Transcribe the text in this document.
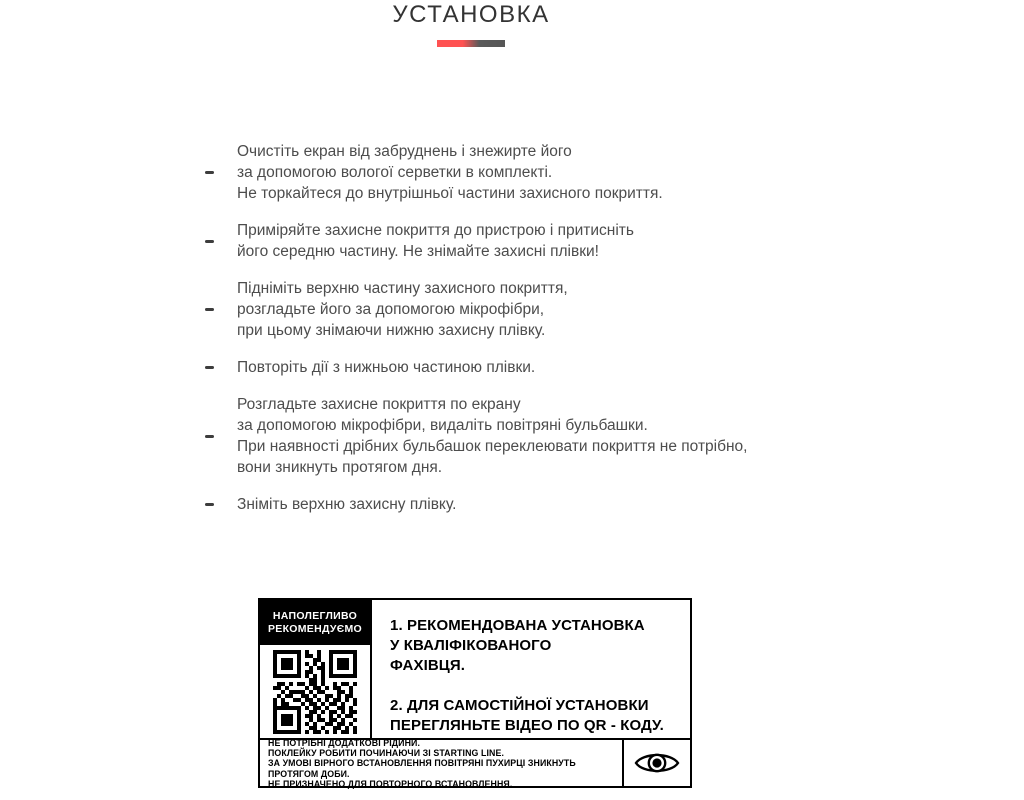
УСТАНОВКА
Очистіть екран від забруднень і знежирте його
за допомогою вологої серветки в комплекті.
Не торкайтеся до внутрішньої частини захисного покриття.
Приміряйте захисне покриття до пристрою і притисніть
його середню частину. Не знімайте захисні плівки!
Підніміть верхню частину захисного покриття,
розгладьте його за допомогою мікрофібри,
при цьому знімаючи нижню захисну плівку.
Повторіть дії з нижньою частиною плівки.
Розгладьте захисне покриття по екрану
за допомогою мікрофібри, видаліть повітряні бульбашки.
При наявності дрібних бульбашок переклеювати покриття не потрібно,
вони зникнуть протягом дня.
Зніміть верхню захисну плівку.
НАПОЛЕГЛИВО
РЕКОМЕНДУЄМО	1. РЕКОМЕНДОВАНА УСТАНОВКА
У КВАЛІФІКОВАНОГО
ФАХІВЦЯ.
2. ДЛЯ САМОСТІЙНОЇ УСТАНОВКИ
ПЕРЕГЛЯНЬТЕ ВІДЕО ПО QR - КОДУ.
НЕ ПОТРІБНІ ДОДАТКОВІ РІДИНИ.
ПОКЛЕЙКУ РОБИТИ ПОЧИНАЮЧИ ЗІ STARTING LINE.
ЗА УМОВІ ВІРНОГО ВСТАНОВЛЕННЯ ПОВІТРЯНІ ПУХИРЦІ ЗНИКНУТЬ ПРОТЯГОМ ДОБИ.
НЕ ПРИЗНАЧЕНО ДЛЯ ПОВТОРНОГО ВСТАНОВЛЕННЯ.
